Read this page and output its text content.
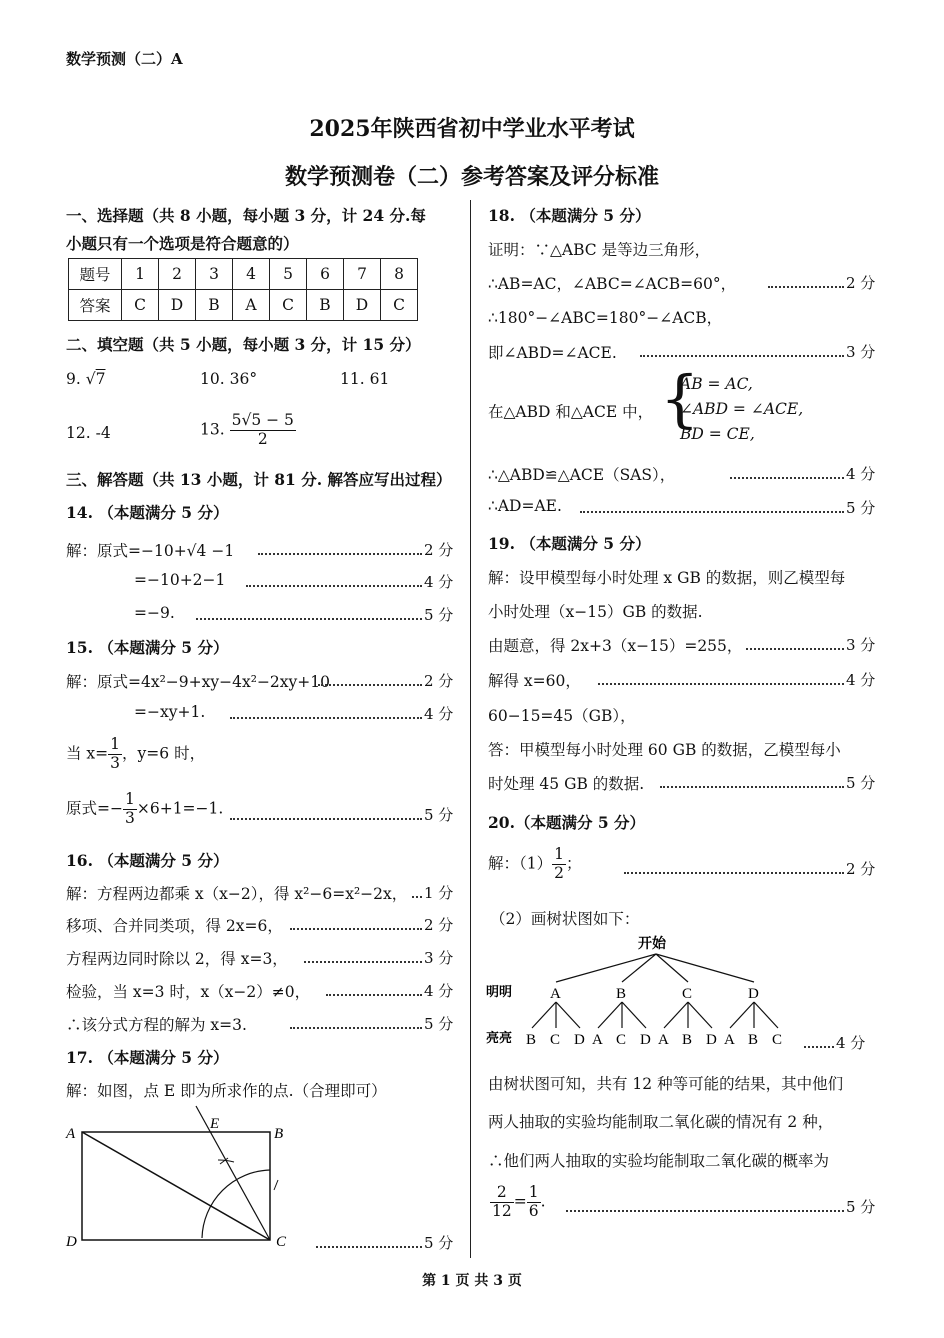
数学预测（二）A
2025年陕西省初中学业水平考试
数学预测卷（二）参考答案及评分标准
一、选择题（共 8 小题，每小题 3 分，计 24 分.每
小题只有一个选项是符合题意的）
题号	1	2	3	4	5	6	7	8
答案	C	D	B	A	C	B	D	C
二、填空题（共 5 小题，每小题 3 分，计 15 分）
9. √7	10. 36°	11. 61
12. -4	13. $\frac{5√5 - 5}{2}$
三、解答题（共 13 小题，计 81 分. 解答应写出过程）
14. （本题满分 5 分）
解：原式=−10+√4 −1	2 分
=−10+2−1	4 分
=−9.	5 分
15. （本题满分 5 分）
解：原式=4x²−9+xy−4x²−2xy+10	2 分
=−xy+1.	4 分
当 $x= \frac{1}{3}$ ，y=6 时，
原式=− $\frac{1}{3} \times 6+1=-1$.	5 分
16. （本题满分 5 分）
解：方程两边都乘 x（x−2），得 x²−6=x²−2x， 1 分
移项、合并同类项，得 2x=6，	2 分
方程两边同时除以 2，得 x=3，	3 分
检验，当 x=3 时，x（x−2）≠0，	4 分
∴该分式方程的解为 x=3.	5 分
17. （本题满分 5 分）
解：如图，点 E 即为所求作的点.（合理即可）
A	B
C
D
E
5 分
18. （本题满分 5 分）
证明：∵△ABC 是等边三角形，
∴AB=AC，∠ABC=∠ACB=60°，	2 分
∴180°−∠ABC=180°−∠ACB，
即∠ABD=∠ACE.	3 分
在△ABD 和△ACE 中， {
AB = AC,
∠ABD = ∠ACE,
BD = CE,
∴△ABD≌△ACE（SAS），	4 分
∴AD=AE.	5 分
19. （本题满分 5 分）
解：设甲模型每小时处理 x GB 的数据，则乙模型每
小时处理（x−15）GB 的数据.
由题意，得 2x+3（x−15）=255，	3 分
解得 x=60，	4 分
60−15=45（GB），
答：甲模型每小时处理 60 GB 的数据，乙模型每小
时处理 45 GB 的数据.	5 分
20.（本题满分 5 分）
解：$(1) \frac{1}{2}$ ；	2 分
（2）画树状图如下：
开始
明明
亮亮
A	B	C	D
B C D A C D A B D A B C	4 分
由树状图可知，共有 12 种等可能的结果，其中他们
两人抽取的实验均能制取二氧化碳的情况有 2 种，
∴他们两人抽取的实验均能制取二氧化碳的概率为
$\frac{2}{12} = \frac{1}{6}$ .	5 分
第 1 页 共 3 页
